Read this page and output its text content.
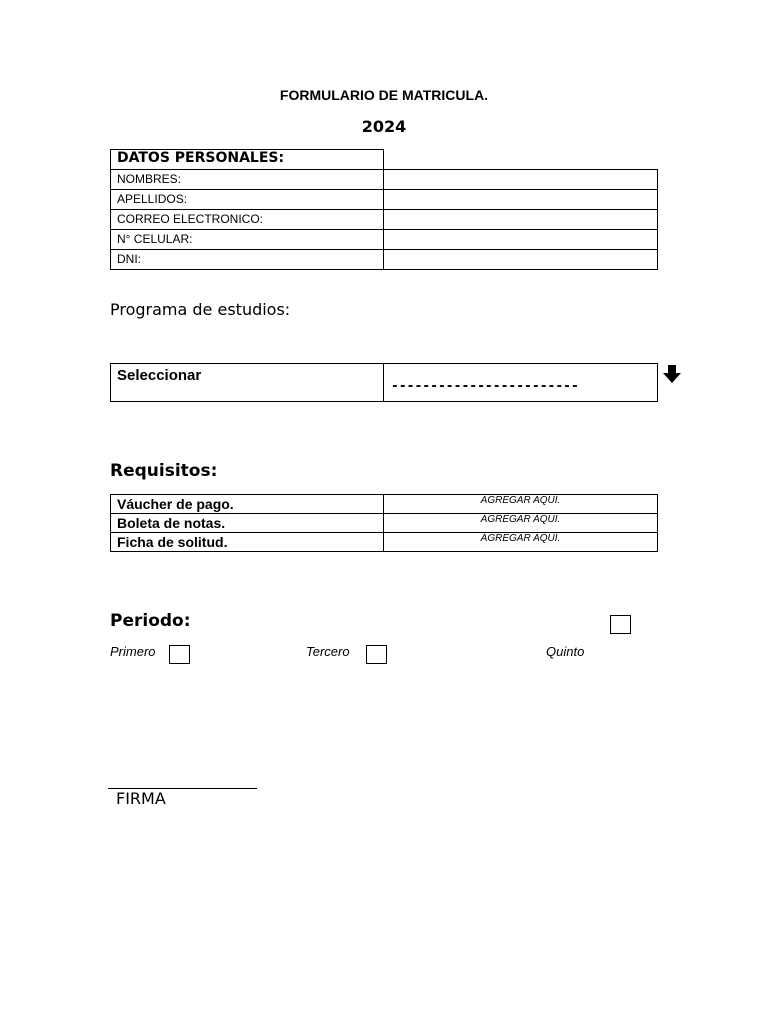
FORMULARIO DE MATRICULA.
2024
DATOS PERSONALES:	
NOMBRES:	
APELLIDOS:	
CORREO ELECTRONICO:	
N° CELULAR:	
DNI:	
Programa de estudios:
Seleccionar	------------------------
Requisitos:
Váucher de pago.	AGREGAR AQUÍ.
Boleta de notas.	AGREGAR AQUÍ.
Ficha de solitud.	AGREGAR AQUÍ.
Periodo:
Primero	Tercero	Quinto
FIRMA
